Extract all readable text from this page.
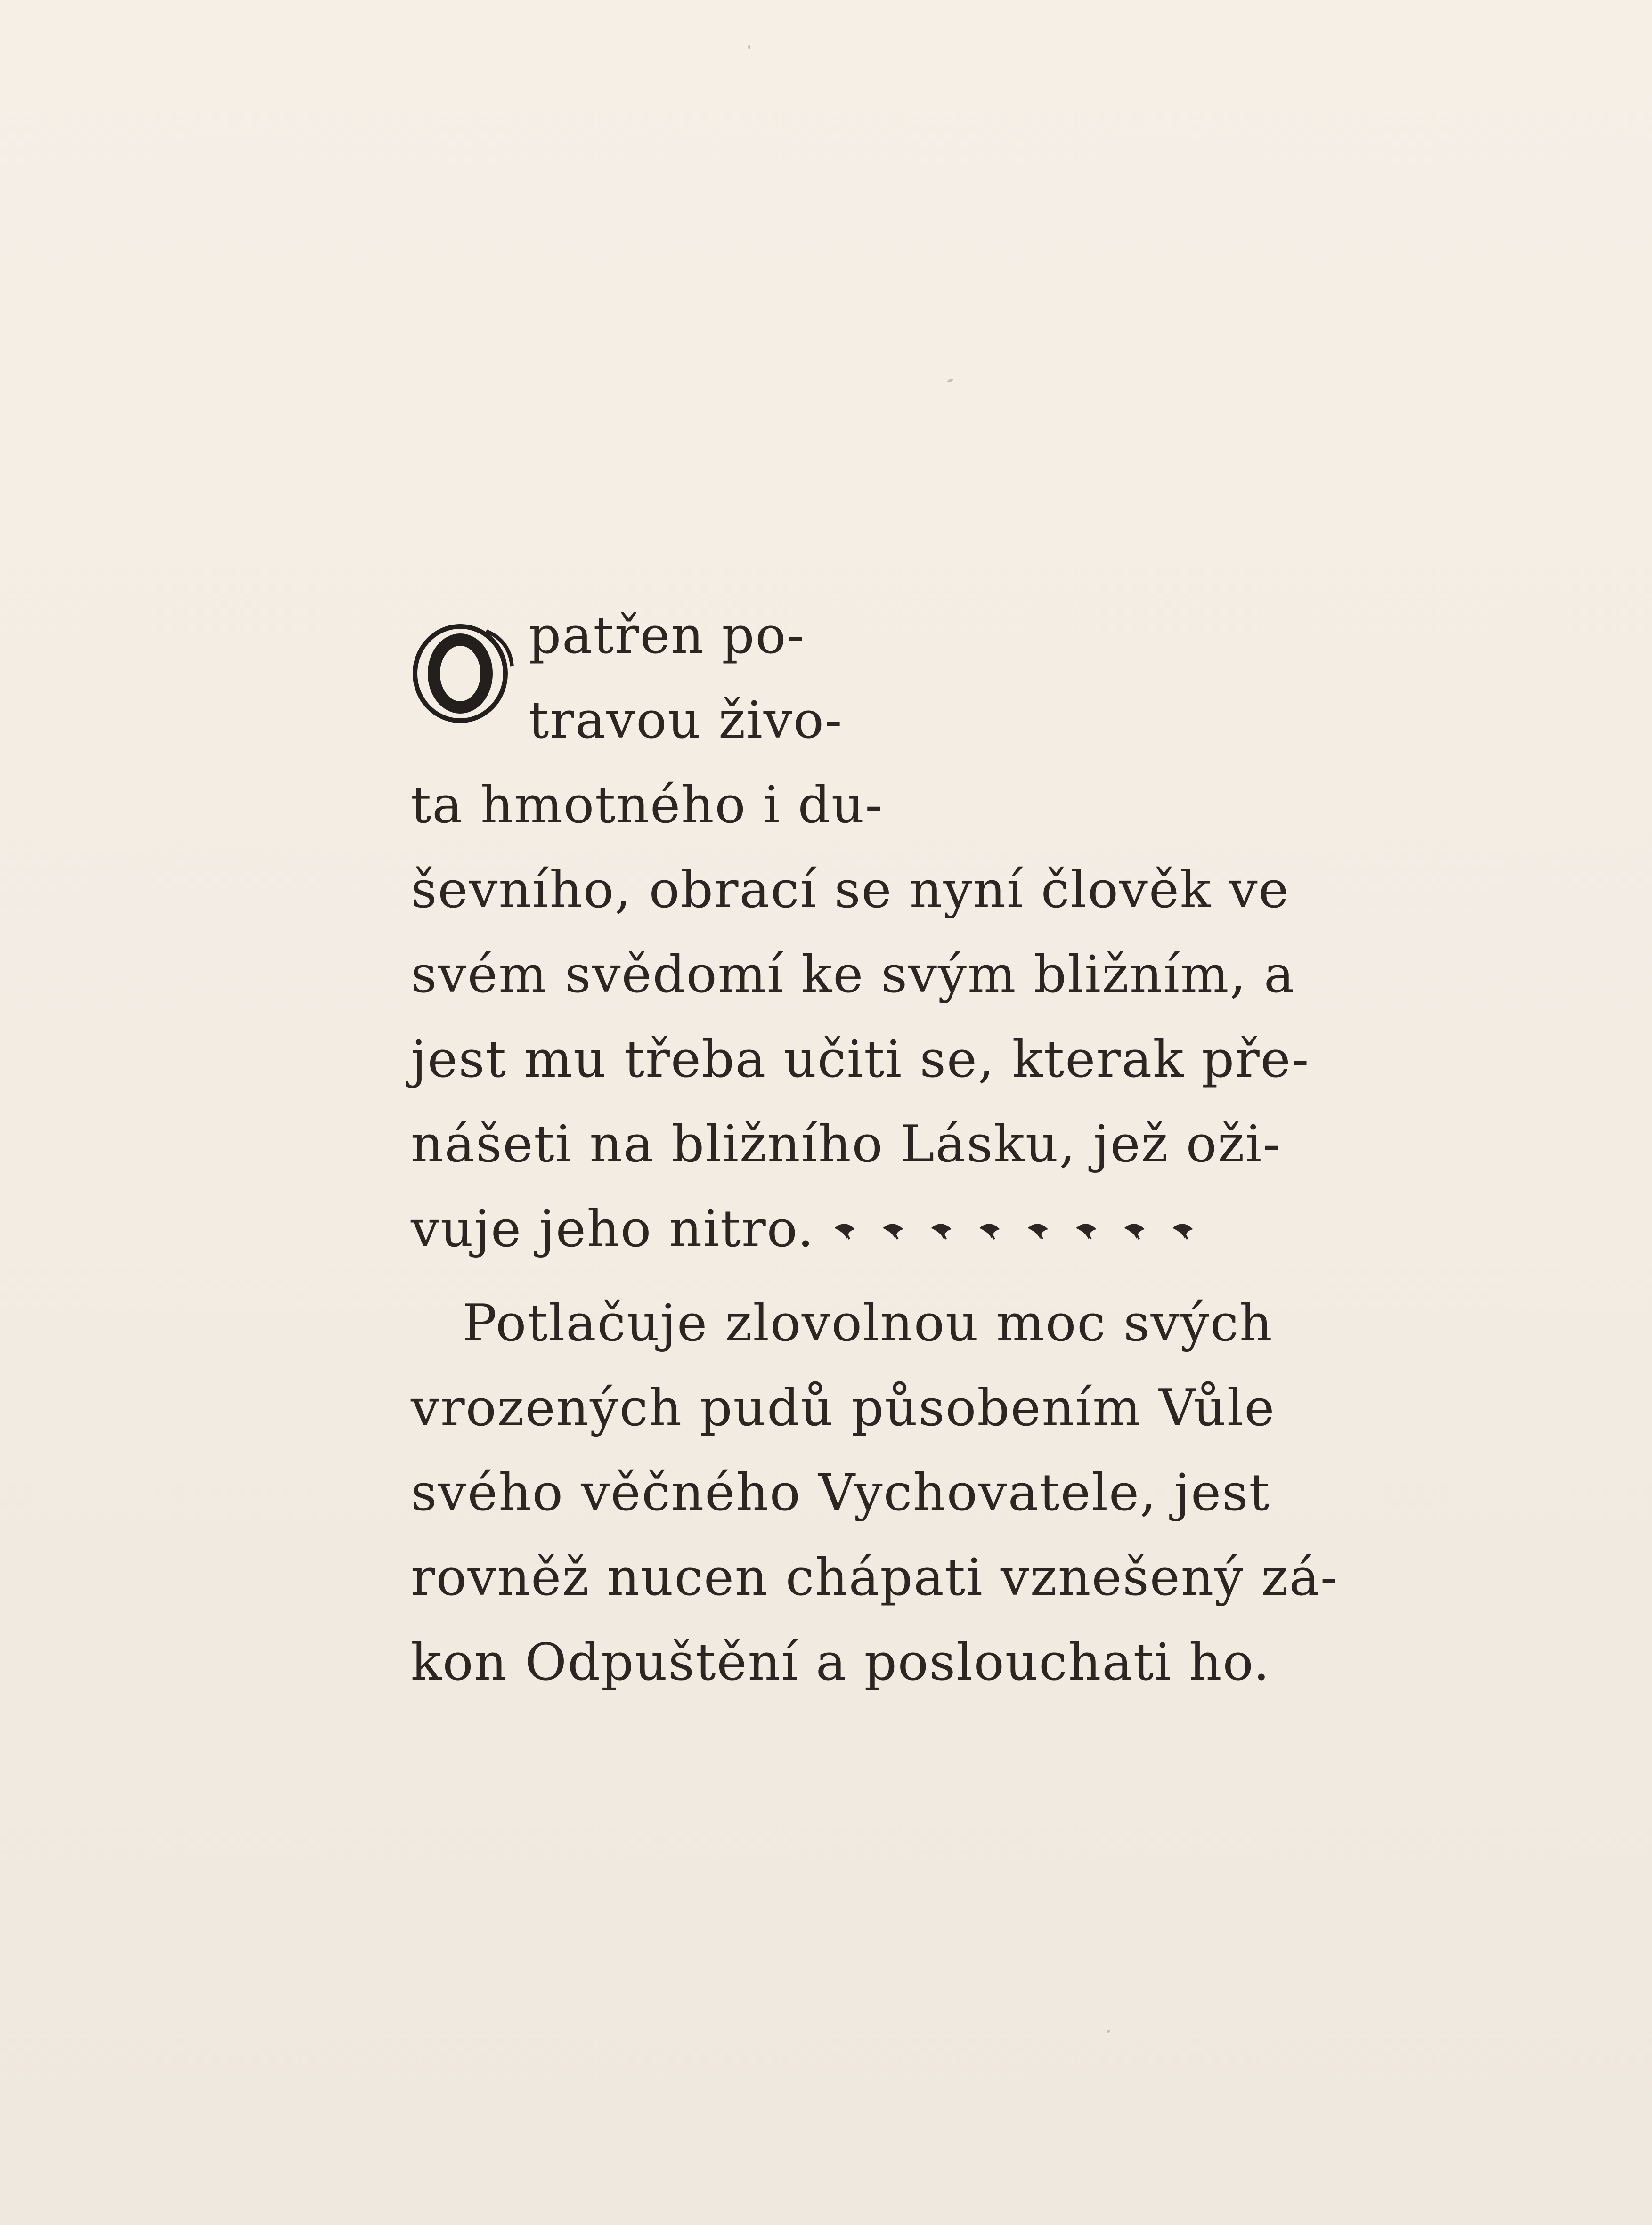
patřen po-
travou živo-
ta hmotného i du-
ševního, obrací se nyní člověk ve
svém svědomí ke svým bližním, a
jest mu třeba učiti se, kterak pře-
nášeti na bližního Lásku, jež oži-
vuje jeho nitro.
Potlačuje zlovolnou moc svých
vrozených pudů působením Vůle
svého věčného Vychovatele, jest
rovněž nucen chápati vznešený zá-
kon Odpuštění a poslouchati ho.
